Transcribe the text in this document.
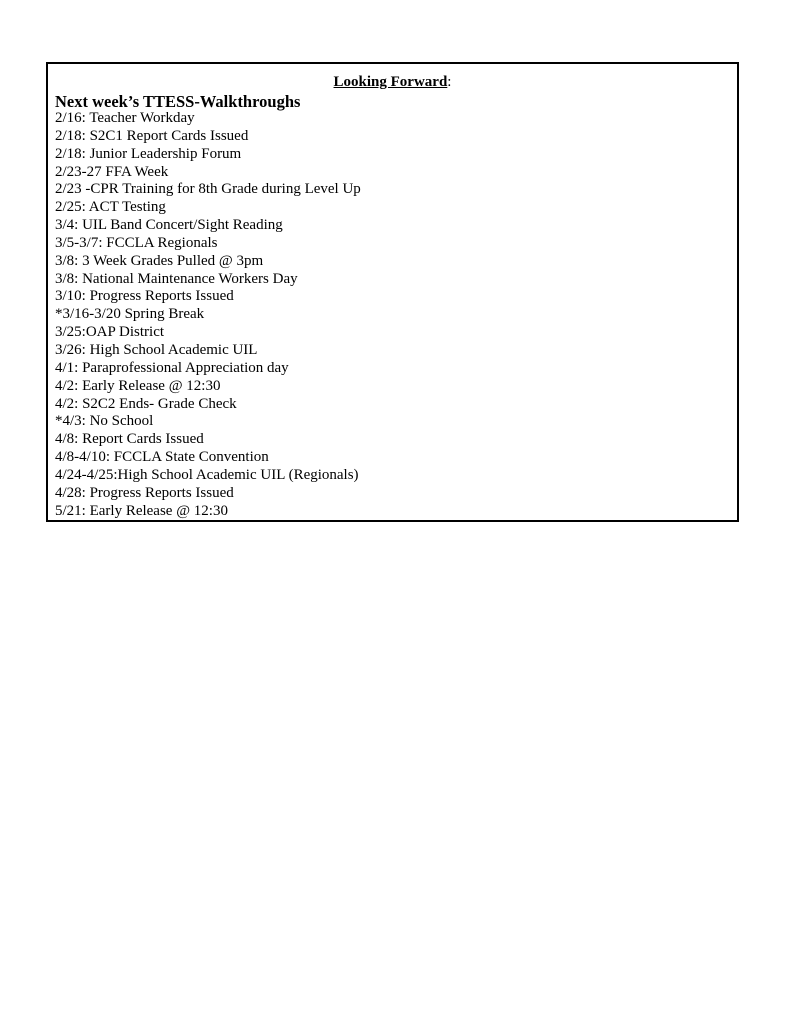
Looking Forward:
Next week’s TTESS-Walkthroughs
2/16: Teacher Workday
2/18: S2C1 Report Cards Issued
2/18: Junior Leadership Forum
2/23-27 FFA Week
2/23 -CPR Training for 8th Grade during Level Up
2/25: ACT Testing
3/4: UIL Band Concert/Sight Reading
3/5-3/7: FCCLA Regionals
3/8: 3 Week Grades Pulled @ 3pm
3/8: National Maintenance Workers Day
3/10: Progress Reports Issued
*3/16-3/20 Spring Break
3/25:OAP District
3/26: High School Academic UIL
4/1: Paraprofessional Appreciation day
4/2: Early Release @ 12:30
4/2: S2C2 Ends- Grade Check
*4/3: No School
4/8: Report Cards Issued
4/8-4/10: FCCLA State Convention
4/24-4/25:High School Academic UIL (Regionals)
4/28: Progress Reports Issued
5/21: Early Release @ 12:30
